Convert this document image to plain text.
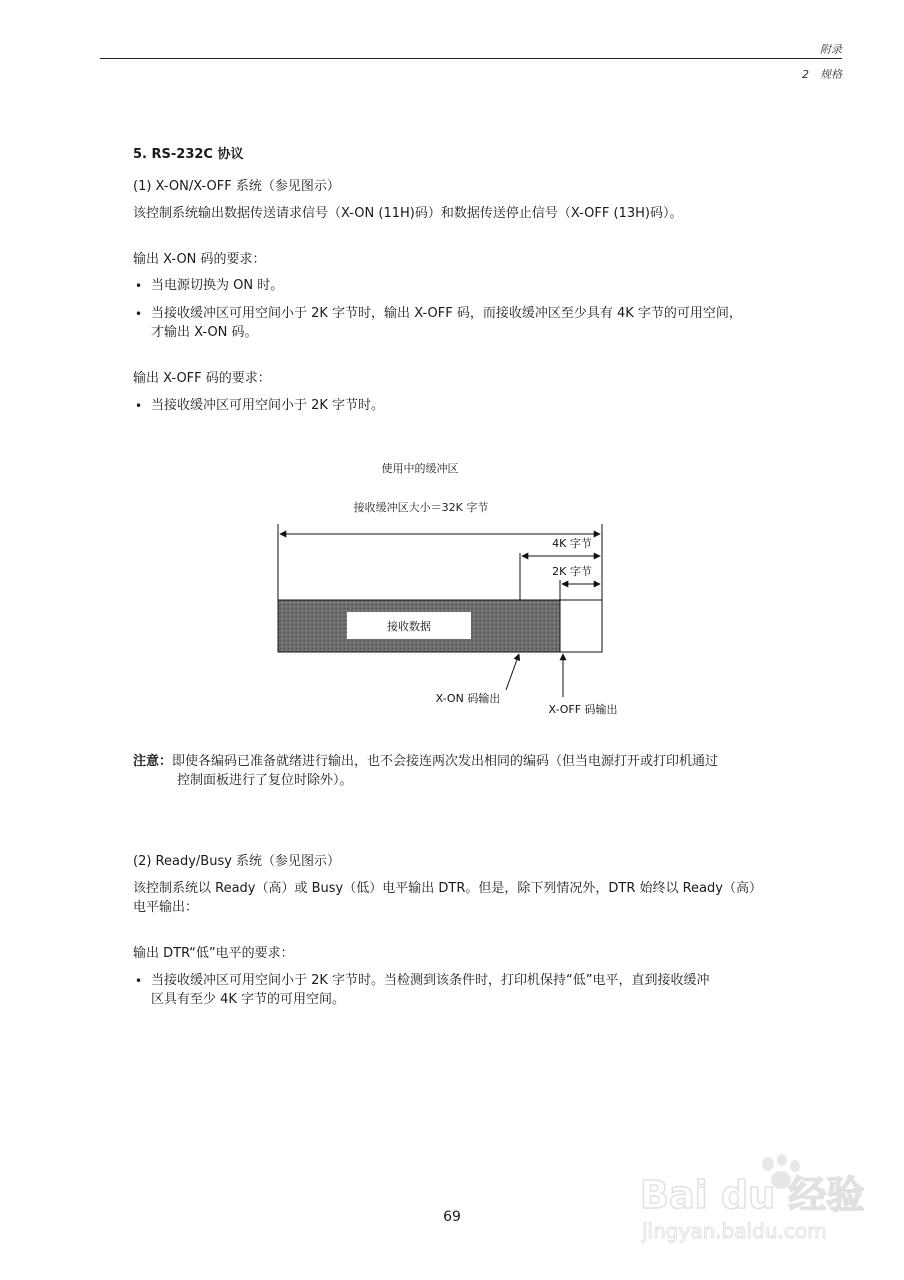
附录
2　规格
5. RS-232C 协议
(1) X-ON/X-OFF 系统（参见图示）
该控制系统输出数据传送请求信号（X-ON (11H)码）和数据传送停止信号（X-OFF (13H)码）。
输出 X-ON 码的要求：
• 当电源切换为 ON 时。
• 当接收缓冲区可用空间小于 2K 字节时，输出 X-OFF 码，而接收缓冲区至少具有 4K 字节的可用空间，
才输出 X-ON 码。
输出 X-OFF 码的要求：
• 当接收缓冲区可用空间小于 2K 字节时。
使用中的缓冲区
接收缓冲区大小＝32K 字节
4K 字节
2K 字节
接收数据
X-ON 码输出
X-OFF 码输出
注意：即使各编码已准备就绪进行输出，也不会接连两次发出相同的编码（但当电源打开或打印机通过
控制面板进行了复位时除外）。
(2) Ready/Busy 系统（参见图示）
该控制系统以 Ready（高）或 Busy（低）电平输出 DTR。但是，除下列情况外，DTR 始终以 Ready（高）
电平输出：
输出 DTR“低”电平的要求：
• 当接收缓冲区可用空间小于 2K 字节时。当检测到该条件时，打印机保持“低”电平，直到接收缓冲
区具有至少 4K 字节的可用空间。
69	Bai du 经验
jingyan.baidu.com
